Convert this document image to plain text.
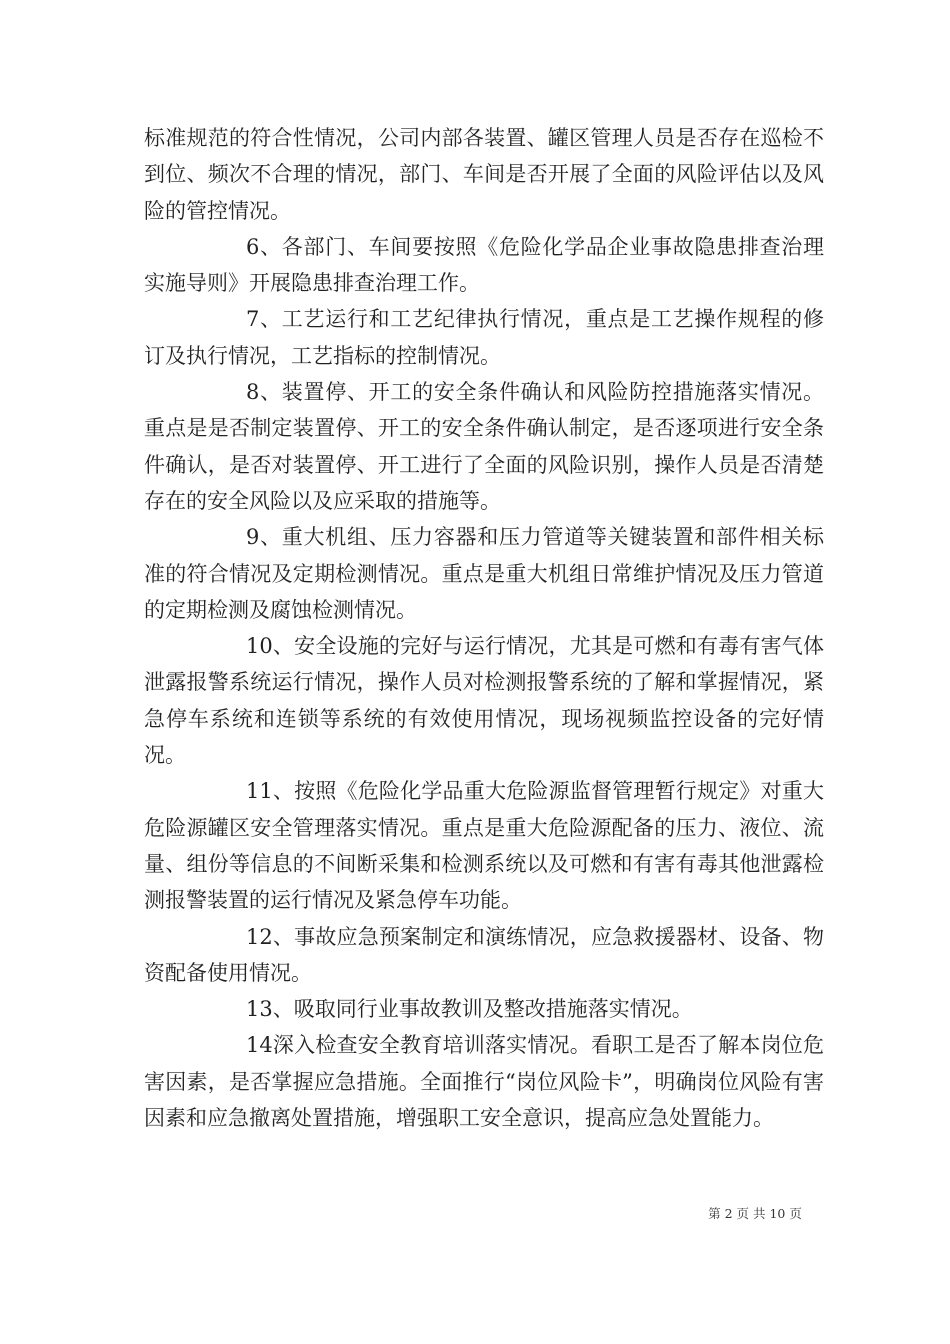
标准规范的符合性情况，公司内部各装置、罐区管理人员是否存在巡检不到位、频次不合理的情况，部门、车间是否开展了全面的风险评估以及风险的管控情况。

6、各部门、车间要按照《危险化学品企业事故隐患排查治理实施导则》开展隐患排查治理工作。

7、工艺运行和工艺纪律执行情况，重点是工艺操作规程的修订及执行情况，工艺指标的控制情况。

8、装置停、开工的安全条件确认和风险防控措施落实情况。重点是是否制定装置停、开工的安全条件确认制定，是否逐项进行安全条件确认，是否对装置停、开工进行了全面的风险识别，操作人员是否清楚存在的安全风险以及应采取的措施等。

9、重大机组、压力容器和压力管道等关键装置和部件相关标准的符合情况及定期检测情况。重点是重大机组日常维护情况及压力管道的定期检测及腐蚀检测情况。

10、安全设施的完好与运行情况，尤其是可燃和有毒有害气体泄露报警系统运行情况，操作人员对检测报警系统的了解和掌握情况，紧急停车系统和连锁等系统的有效使用情况，现场视频监控设备的完好情况。

11、按照《危险化学品重大危险源监督管理暂行规定》对重大危险源罐区安全管理落实情况。重点是重大危险源配备的压力、液位、流量、组份等信息的不间断采集和检测系统以及可燃和有害有毒其他泄露检测报警装置的运行情况及紧急停车功能。

12、事故应急预案制定和演练情况，应急救援器材、设备、物资配备使用情况。

13、吸取同行业事故教训及整改措施落实情况。

14深入检查安全教育培训落实情况。看职工是否了解本岗位危害因素，是否掌握应急措施。全面推行“岗位风险卡”，明确岗位风险有害因素和应急撤离处置措施，增强职工安全意识，提高应急处置能力。

第 2 页 共 10 页
